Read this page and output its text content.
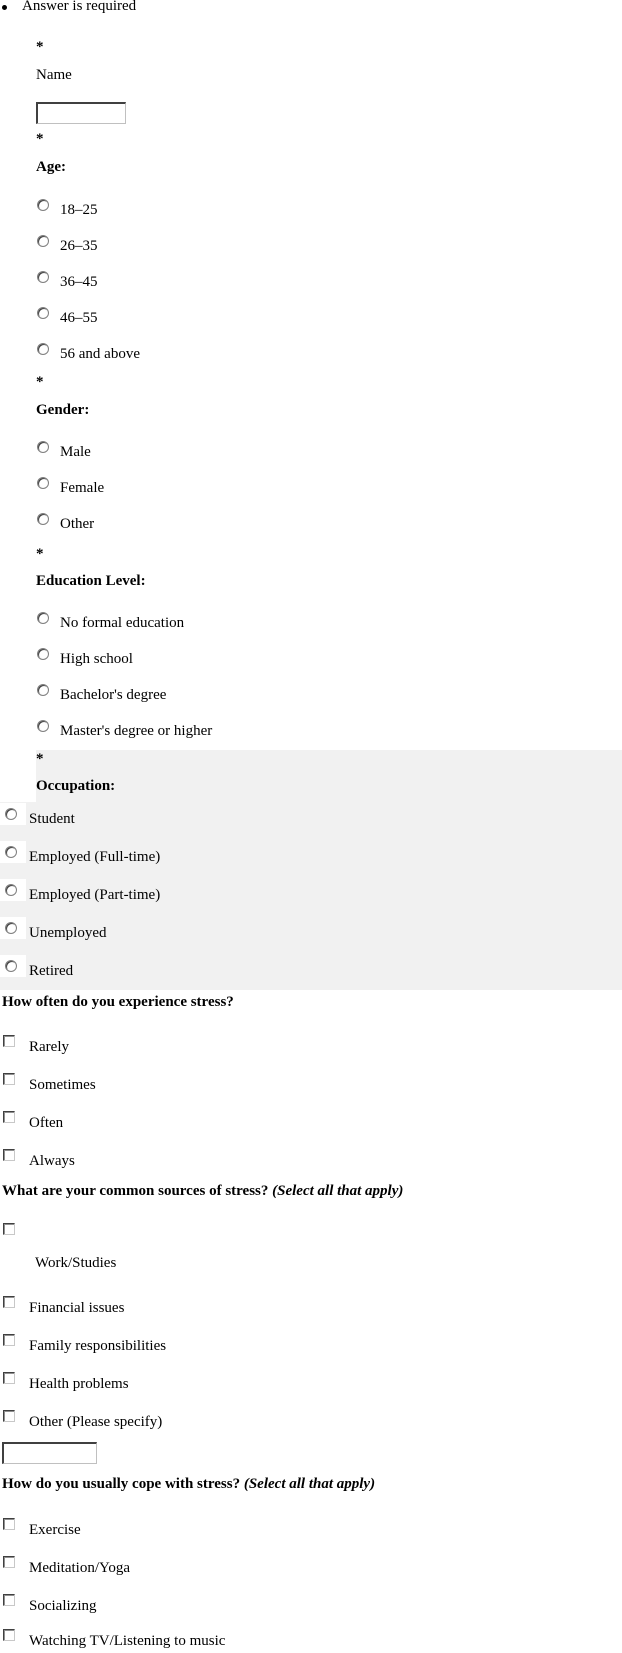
Answer is required
*
Name
*
Age:
18–25
26–35
36–45
46–55
56 and above
*
Gender:
Male
Female
Other
*
Education Level:
No formal education
High school
Bachelor's degree
Master's degree or higher
*
Occupation:
Student
Employed (Full-time)
Employed (Part-time)
Unemployed
Retired
How often do you experience stress?
Rarely
Sometimes
Often
Always
What are your common sources of stress? (Select all that apply)
Work/Studies
Financial issues
Family responsibilities
Health problems
Other (Please specify)
How do you usually cope with stress? (Select all that apply)
Exercise
Meditation/Yoga
Socializing
Watching TV/Listening to music
